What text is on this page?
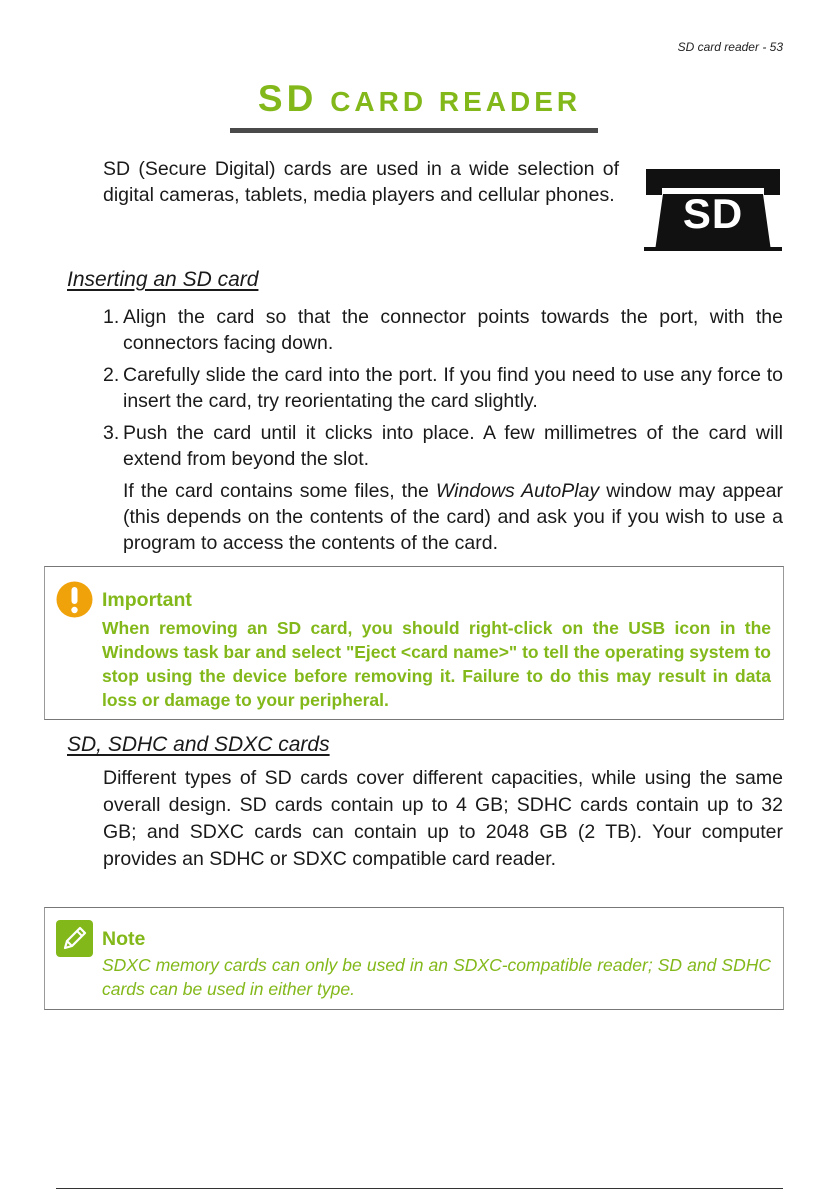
SD card reader - 53
SD CARD READER

SD (Secure Digital) cards are used in a wide selection of digital cameras, tablets, media players and cellular phones. SD
Inserting an SD card
1. Align the card so that the connector points towards the port, with the connectors facing down.
2. Carefully slide the card into the port. If you find you need to use any force to insert the card, try reorientating the card slightly.
3. Push the card until it clicks into place. A few millimetres of the card will extend from beyond the slot.
If the card contains some files, the Windows AutoPlay window may appear (this depends on the contents of the card) and ask you if you wish to use a program to access the contents of the card.
Important
When removing an SD card, you should right-click on the USB icon in the Windows task bar and select "Eject <card name>" to tell the operating system to stop using the device before removing it. Failure to do this may result in data loss or damage to your peripheral.
SD, SDHC and SDXC cards

Different types of SD cards cover different capacities, while using the same overall design. SD cards contain up to 4 GB; SDHC cards contain up to 32 GB; and SDXC cards can contain up to 2048 GB (2 TB). Your computer provides an SDHC or SDXC compatible card reader.

Note
SDXC memory cards can only be used in an SDXC-compatible reader; SD and SDHC cards can be used in either type.
